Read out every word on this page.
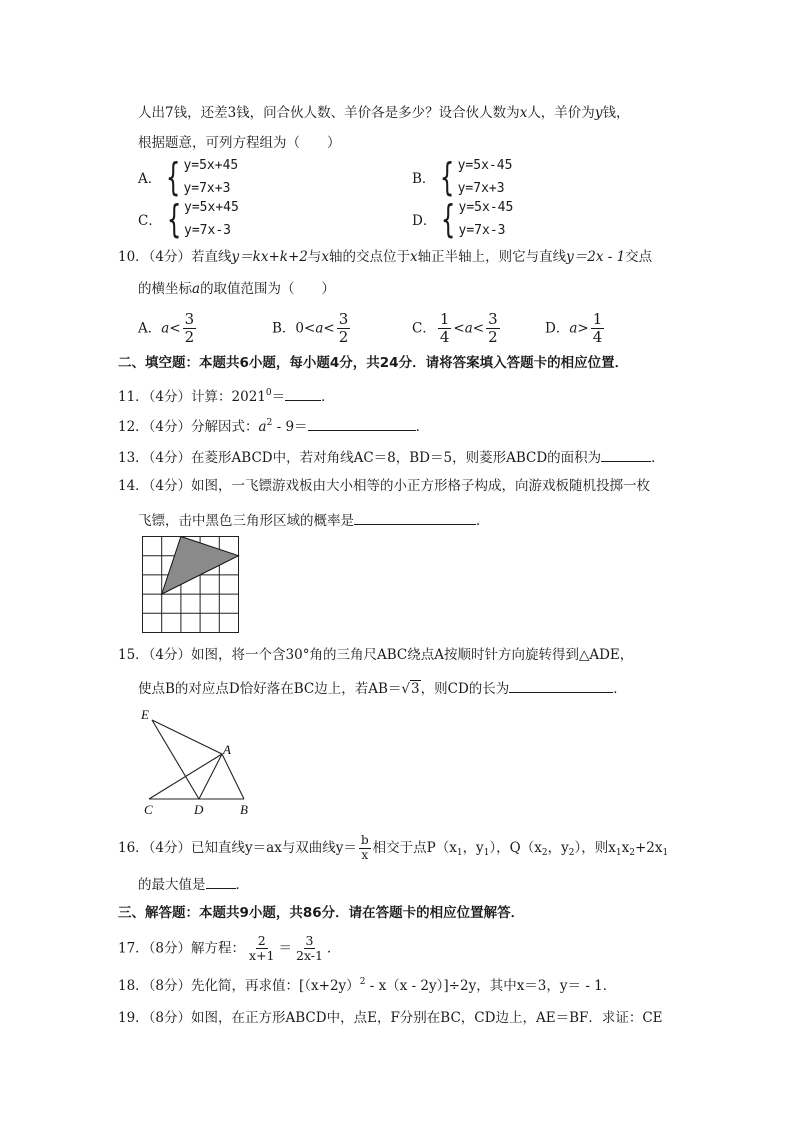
人出7钱，还差3钱，问合伙人数、羊价各是多少？设合伙人数为x人，羊价为y钱，
根据题意，可列方程组为（　　）
A． { y=5x+45
y=7x+3
B． { y=5x-45
y=7x+3
C． { y=5x+45
y=7x-3
D． { y=5x-45
y=7x-3
10．（4分）若直线y＝kx+k+2与x轴的交点位于x轴正半轴上，则它与直线y＝2x - 1交点
的横坐标a的取值范围为（　　）
A．$a< \frac{3}{2}$	B．$0<a< \frac{3}{2}$	C． $\frac{1}{4} <a< \frac{3}{2}$	D．$a> \frac{1}{4}$
二、填空题：本题共6小题，每小题4分，共24分．请将答案填入答题卡的相应位置．
11．（4分）计算：$2021^0=$	．
12．（4分）分解因式：$a^2 - 9=$	．
13．（4分）在菱形ABCD中，若对角线AC＝8，BD＝5，则菱形ABCD的面积为	．
14．（4分）如图，一飞镖游戏板由大小相等的小正方形格子构成，向游戏板随机投掷一枚
飞镖，击中黑色三角形区域的概率是	．
15．（4分）如图，将一个含30°角的三角尺ABC绕点A按顺时针方向旋转得到△ADE，
使点B的对应点D恰好落在BC边上，若AB＝√3，则CD的长为	．
E
A
C	D	B
16．（4分）已知直线y＝ax与双曲线$y= \frac{b}{x}$ 相交于点$P(x_1$，$y_1$），$Q(x_2$，$y_2$），则$x_1x_2+2x_1$
的最大值是 ．
三、解答题：本题共9小题，共86分．请在答题卡的相应位置解答．
17．（8分）解方程： $\frac{2}{x+1} = \frac{3}{2x-1}$ ．
18．（8分）先化简，再求值：$[(x+2y)^2 - x(x - 2y)]\div 2y$，其中x＝3，y＝ - 1．
19．（8分）如图，在正方形ABCD中，点E，F分别在BC，CD边上，AE＝BF．求证：CE
